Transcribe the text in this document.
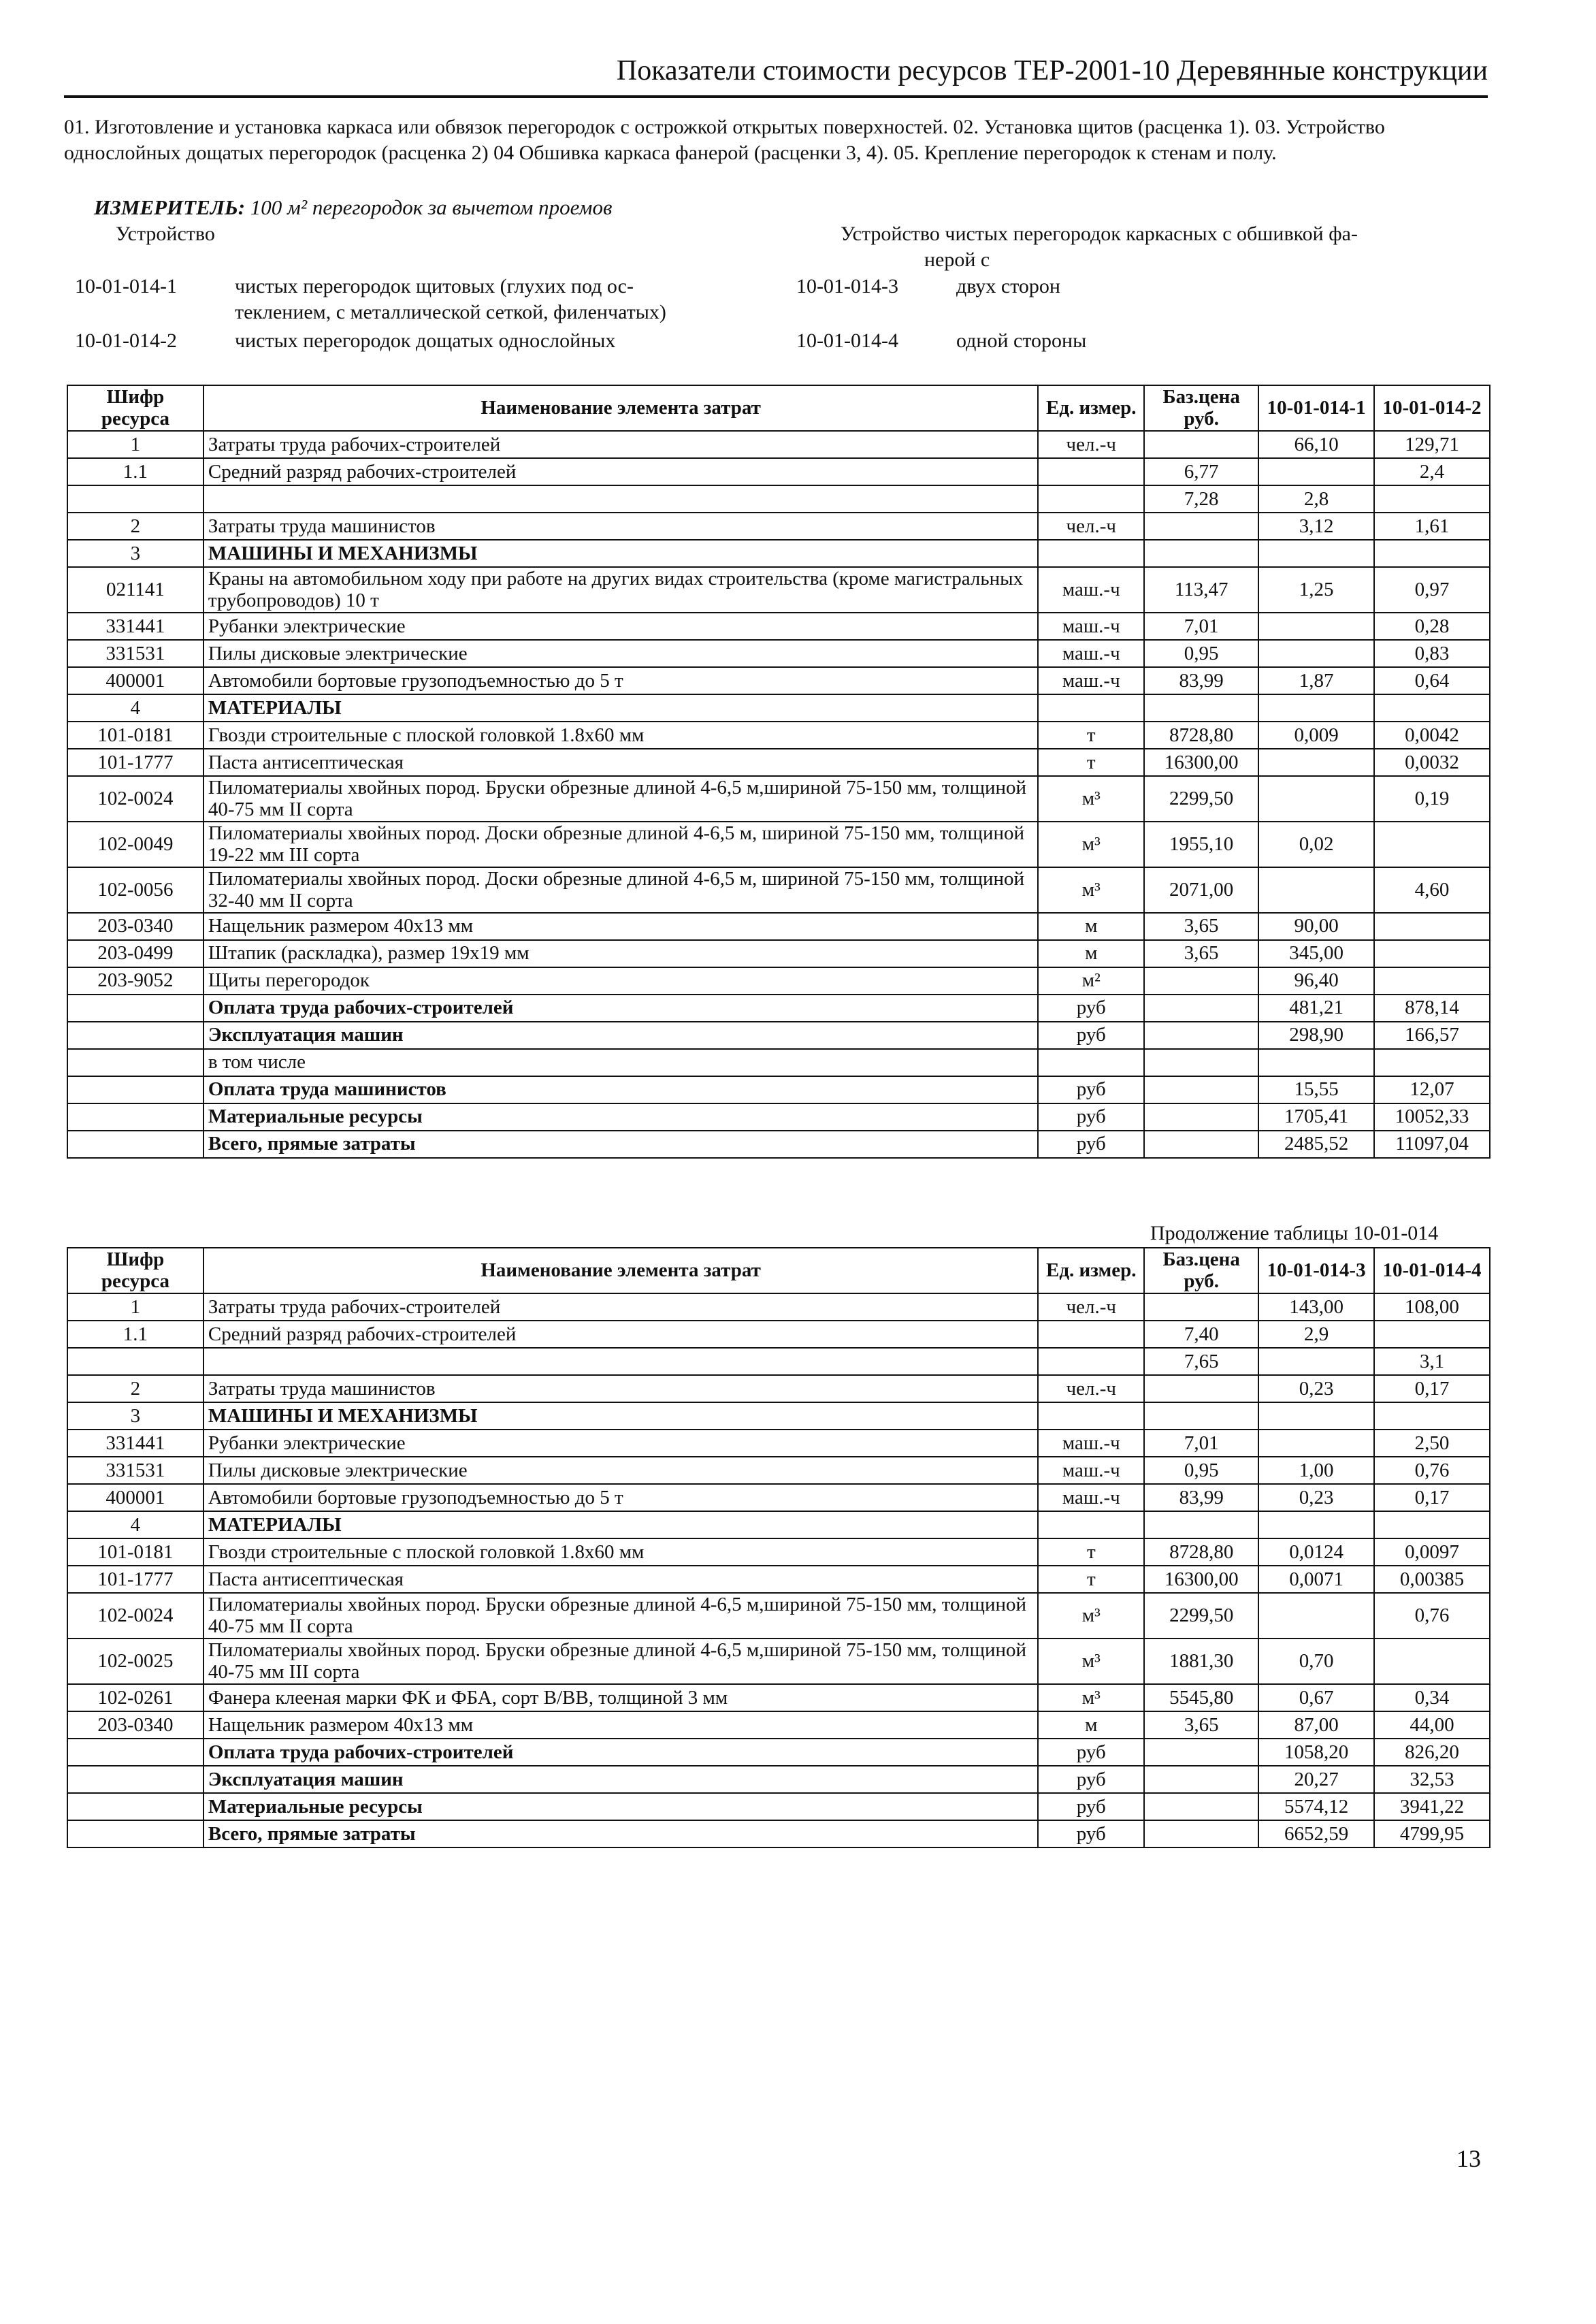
Показатели стоимости ресурсов ТЕР-2001-10 Деревянные конструкции
01. Изготовление и установка каркаса или обвязок перегородок с острожкой открытых поверхностей. 02. Установка щитов (расценка 1). 03. Устройство однослойных дощатых перегородок (расценка 2) 04 Обшивка каркаса фанерой (расценки 3, 4). 05. Крепление перегородок к стенам и полу.
ИЗМЕРИТЕЛЬ: 100 м² перегородок за вычетом проемов
Устройство	Устройство чистых перегородок каркасных с обшивкой фа-
нерой с
10-01-014-1	чистых перегородок щитовых (глухих под ос-
теклением, с металлической сеткой, филенчатых)
10-01-014-2	чистых перегородок дощатых однослойных
10-01-014-3	двух сторон
10-01-014-4	одной стороны
Шифр ресурса	Наименование элемента затрат	Ед. измер.	Баз.цена руб.	10-01-014-1	10-01-014-2
1	Затраты труда рабочих-строителей	чел.-ч		66,10	129,71
1.1	Средний разряд рабочих-строителей		6,77		2,4
			7,28	2,8	
2	Затраты труда машинистов	чел.-ч		3,12	1,61
3	МАШИНЫ И МЕХАНИЗМЫ				
021141	Краны на автомобильном ходу при работе на других видах строительства (кроме магистральных трубопроводов) 10 т	маш.-ч	113,47	1,25	0,97
331441	Рубанки электрические	маш.-ч	7,01		0,28
331531	Пилы дисковые электрические	маш.-ч	0,95		0,83
400001	Автомобили бортовые грузоподъемностью до 5 т	маш.-ч	83,99	1,87	0,64
4	МАТЕРИАЛЫ				
101-0181	Гвозди строительные с плоской головкой 1.8х60 мм	т	8728,80	0,009	0,0042
101-1777	Паста антисептическая	т	16300,00		0,0032
102-0024	Пиломатериалы хвойных пород. Бруски обрезные длиной 4-6,5 м,шириной 75-150 мм, толщиной 40-75 мм II сорта	м³	2299,50		0,19
102-0049	Пиломатериалы хвойных пород. Доски обрезные длиной 4-6,5 м, шириной 75-150 мм, толщиной 19-22 мм III сорта	м³	1955,10	0,02	
102-0056	Пиломатериалы хвойных пород. Доски обрезные длиной 4-6,5 м, шириной 75-150 мм, толщиной 32-40 мм II сорта	м³	2071,00		4,60
203-0340	Нащельник размером 40х13 мм	м	3,65	90,00	
203-0499	Штапик (раскладка), размер 19х19 мм	м	3,65	345,00	
203-9052	Щиты перегородок	м²		96,40	
	Оплата труда рабочих-строителей	руб		481,21	878,14
	Эксплуатация машин	руб		298,90	166,57
	в том числе				
	Оплата труда машинистов	руб		15,55	12,07
	Материальные ресурсы	руб		1705,41	10052,33
	Всего, прямые затраты	руб		2485,52	11097,04
Продолжение таблицы 10-01-014
Шифр ресурса	Наименование элемента затрат	Ед. измер.	Баз.цена руб.	10-01-014-3	10-01-014-4
1	Затраты труда рабочих-строителей	чел.-ч		143,00	108,00
1.1	Средний разряд рабочих-строителей		7,40	2,9	
			7,65		3,1
2	Затраты труда машинистов	чел.-ч		0,23	0,17
3	МАШИНЫ И МЕХАНИЗМЫ				
331441	Рубанки электрические	маш.-ч	7,01		2,50
331531	Пилы дисковые электрические	маш.-ч	0,95	1,00	0,76
400001	Автомобили бортовые грузоподъемностью до 5 т	маш.-ч	83,99	0,23	0,17
4	МАТЕРИАЛЫ				
101-0181	Гвозди строительные с плоской головкой 1.8х60 мм	т	8728,80	0,0124	0,0097
101-1777	Паста антисептическая	т	16300,00	0,0071	0,00385
102-0024	Пиломатериалы хвойных пород. Бруски обрезные длиной 4-6,5 м,шириной 75-150 мм, толщиной 40-75 мм II сорта	м³	2299,50		0,76
102-0025	Пиломатериалы хвойных пород. Бруски обрезные длиной 4-6,5 м,шириной 75-150 мм, толщиной 40-75 мм III сорта	м³	1881,30	0,70	
102-0261	Фанера клееная марки ФК и ФБА, сорт В/ВВ, толщиной 3 мм	м³	5545,80	0,67	0,34
203-0340	Нащельник размером 40х13 мм	м	3,65	87,00	44,00
	Оплата труда рабочих-строителей	руб		1058,20	826,20
	Эксплуатация машин	руб		20,27	32,53
	Материальные ресурсы	руб		5574,12	3941,22
	Всего, прямые затраты	руб		6652,59	4799,95
13
